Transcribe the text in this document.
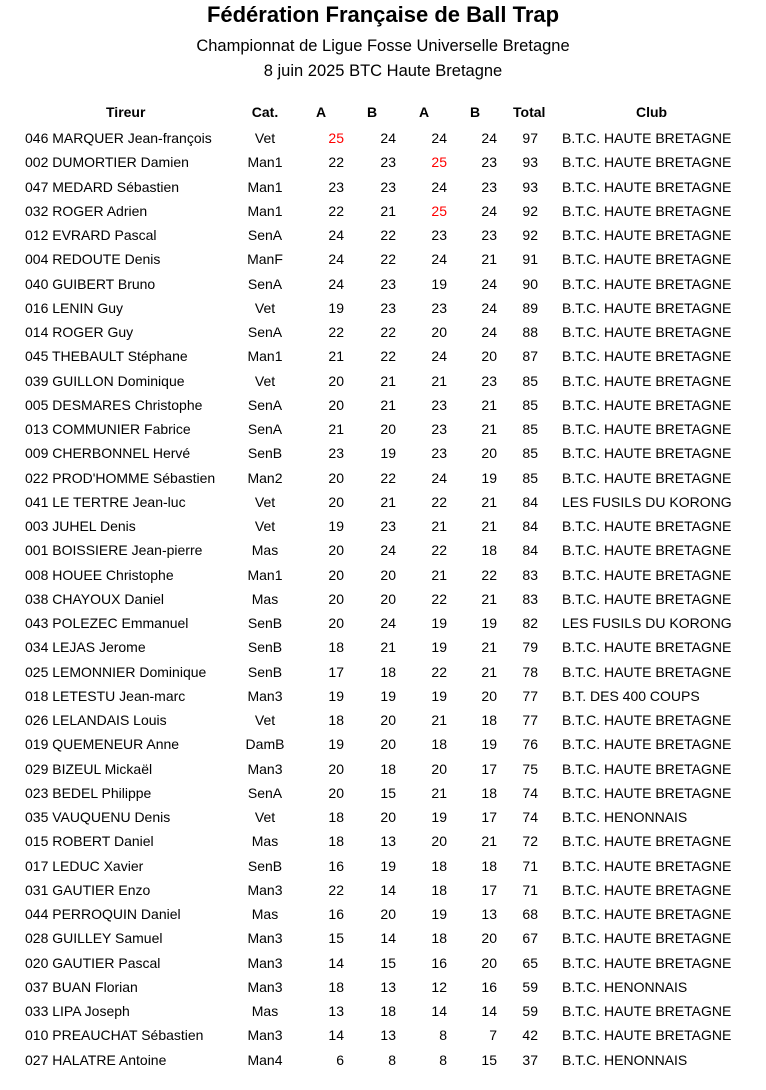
Fédération Française de Ball Trap
Championnat de Ligue Fosse Universelle Bretagne
8 juin 2025 BTC Haute Bretagne
Tireur	Cat.	A	B	A	B Total	Club
046 MARQUER Jean-françois	Vet	25	24	24 24 97 B.T.C. HAUTE BRETAGNE
002 DUMORTIER Damien	Man1	22	23	25 23 93 B.T.C. HAUTE BRETAGNE
047 MEDARD Sébastien	Man1	23	23	24 23 93 B.T.C. HAUTE BRETAGNE
032 ROGER Adrien	Man1	22	21	25 24 92 B.T.C. HAUTE BRETAGNE
012 EVRARD Pascal	SenA	24	22	23 23 92 B.T.C. HAUTE BRETAGNE
004 REDOUTE Denis	ManF	24	22	24 21 91 B.T.C. HAUTE BRETAGNE
040 GUIBERT Bruno	SenA	24	23	19 24 90 B.T.C. HAUTE BRETAGNE
016 LENIN Guy	Vet	19	23	23 24 89 B.T.C. HAUTE BRETAGNE
014 ROGER Guy	SenA	22	22	20 24 88 B.T.C. HAUTE BRETAGNE
045 THEBAULT Stéphane	Man1	21	22	24 20 87 B.T.C. HAUTE BRETAGNE
039 GUILLON Dominique	Vet	20	21	21 23 85 B.T.C. HAUTE BRETAGNE
005 DESMARES Christophe	SenA	20	21	23 21 85 B.T.C. HAUTE BRETAGNE
013 COMMUNIER Fabrice	SenA	21	20	23 21 85 B.T.C. HAUTE BRETAGNE
009 CHERBONNEL Hervé	SenB	23	19	23 20 85 B.T.C. HAUTE BRETAGNE
022 PROD'HOMME Sébastien	Man2	20	22	24 19 85 B.T.C. HAUTE BRETAGNE
041 LE TERTRE Jean-luc	Vet	20	21	22 21 84 LES FUSILS DU KORONG
003 JUHEL Denis	Vet	19	23	21 21 84 B.T.C. HAUTE BRETAGNE
001 BOISSIERE Jean-pierre	Mas	20	24	22 18 84 B.T.C. HAUTE BRETAGNE
008 HOUEE Christophe	Man1	20	20	21 22 83 B.T.C. HAUTE BRETAGNE
038 CHAYOUX Daniel	Mas	20	20	22 21 83 B.T.C. HAUTE BRETAGNE
043 POLEZEC Emmanuel	SenB	20	24	19 19 82 LES FUSILS DU KORONG
034 LEJAS Jerome	SenB	18	21	19 21 79 B.T.C. HAUTE BRETAGNE
025 LEMONNIER Dominique	SenB	17	18	22 21 78 B.T.C. HAUTE BRETAGNE
018 LETESTU Jean-marc	Man3	19	19	19 20 77 B.T. DES 400 COUPS
026 LELANDAIS Louis	Vet	18	20	21 18 77 B.T.C. HAUTE BRETAGNE
019 QUEMENEUR Anne	DamB	19	20	18 19 76 B.T.C. HAUTE BRETAGNE
029 BIZEUL Mickaël	Man3	20	18	20 17 75 B.T.C. HAUTE BRETAGNE
023 BEDEL Philippe	SenA	20	15	21 18 74 B.T.C. HAUTE BRETAGNE
035 VAUQUENU Denis	Vet	18	20	19 17 74 B.T.C. HENONNAIS
015 ROBERT Daniel	Mas	18	13	20 21 72 B.T.C. HAUTE BRETAGNE
017 LEDUC Xavier	SenB	16	19	18 18 71 B.T.C. HAUTE BRETAGNE
031 GAUTIER Enzo	Man3	22	14	18 17 71 B.T.C. HAUTE BRETAGNE
044 PERROQUIN Daniel	Mas	16	20	19 13 68 B.T.C. HAUTE BRETAGNE
028 GUILLEY Samuel	Man3	15	14	18 20 67 B.T.C. HAUTE BRETAGNE
020 GAUTIER Pascal	Man3	14	15	16 20 65 B.T.C. HAUTE BRETAGNE
037 BUAN Florian	Man3	18	13	12 16 59 B.T.C. HENONNAIS
033 LIPA Joseph	Mas	13	18	14 14 59 B.T.C. HAUTE BRETAGNE
010 PREAUCHAT Sébastien	Man3	14	13	8	7 42 B.T.C. HAUTE BRETAGNE
027 HALATRE Antoine	Man4	6	8	8 15 37 B.T.C. HENONNAIS
